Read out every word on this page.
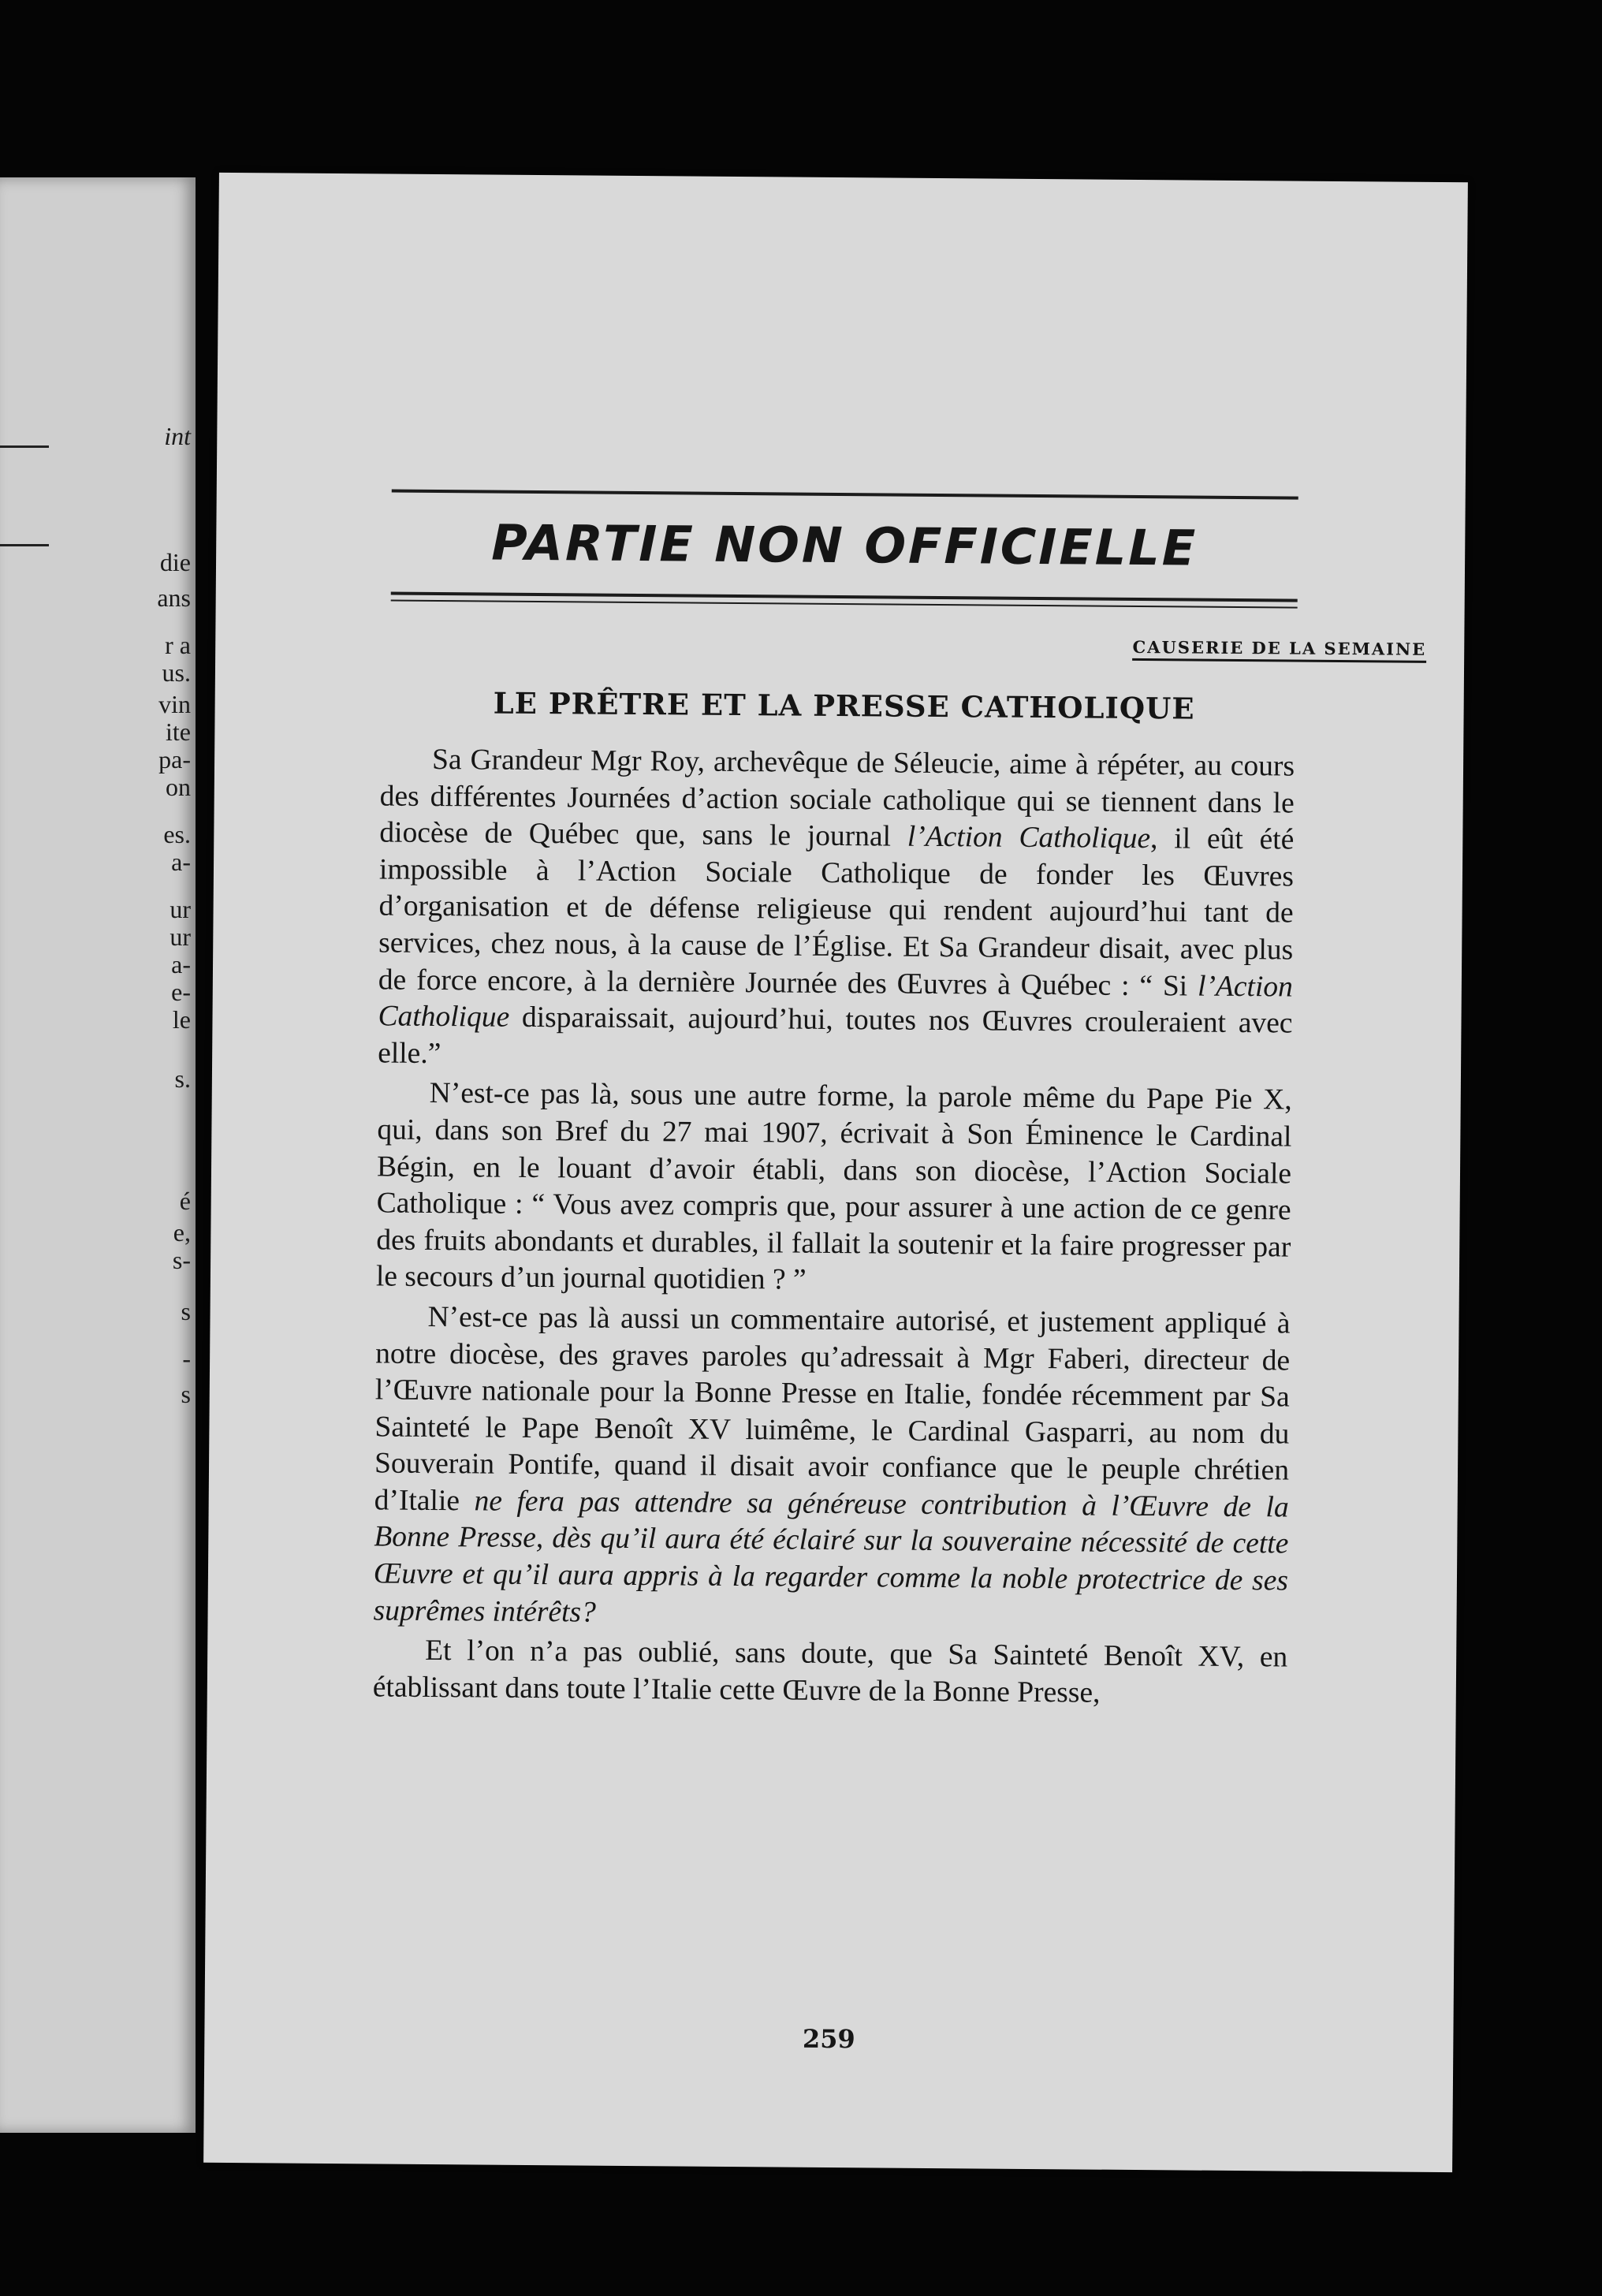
int
die
ans
r a
us.
vin
ite
pa-
on
es.
a-
ur
ur
a-
e-
le
s.
é
e,
s-
s
-
s
PARTIE NON OFFICIELLE
CAUSERIE DE LA SEMAINE
LE PRÊTRE ET LA PRESSE CATHOLIQUE

Sa Grandeur Mgr Roy, archevêque de Séleucie, aime à répéter, au cours des différentes Journées d’action sociale catholique qui se tiennent dans le diocèse de Québec que, sans le journal l’Action Catholique, il eût été impossible à l’Action Sociale Catholique de fonder les Œuvres d’organisation et de défense religieuse qui rendent aujourd’hui tant de services, chez nous, à la cause de l’Église. Et Sa Grandeur disait, avec plus de force encore, à la dernière Journée des Œuvres à Québec : “ Si l’Action Catholique disparaissait, aujourd’hui, toutes nos Œuvres crouleraient avec elle.”

N’est-ce pas là, sous une autre forme, la parole même du Pape Pie X, qui, dans son Bref du 27 mai 1907, écrivait à Son Éminence le Cardinal Bégin, en le louant d’avoir établi, dans son diocèse, l’Action Sociale Catholique : “ Vous avez compris que, pour assurer à une action de ce genre des fruits abondants et durables, il fallait la soutenir et la faire progresser par le secours d’un journal quotidien ? ”

N’est-ce pas là aussi un commentaire autorisé, et justement appliqué à notre diocèse, des graves paroles qu’adressait à Mgr Faberi, directeur de l’Œuvre nationale pour la Bonne Presse en Italie, fondée récemment par Sa Sainteté le Pape Benoît XV luimême, le Cardinal Gasparri, au nom du Souverain Pontife, quand il disait avoir confiance que le peuple chrétien d’Italie ne fera pas attendre sa généreuse contribution à l’Œuvre de la Bonne Presse, dès qu’il aura été éclairé sur la souveraine nécessité de cette Œuvre et qu’il aura appris à la regarder comme la noble protectrice de ses suprêmes intérêts?

Et l’on n’a pas oublié, sans doute, que Sa Sainteté Benoît XV, en établissant dans toute l’Italie cette Œuvre de la Bonne Presse,

259
